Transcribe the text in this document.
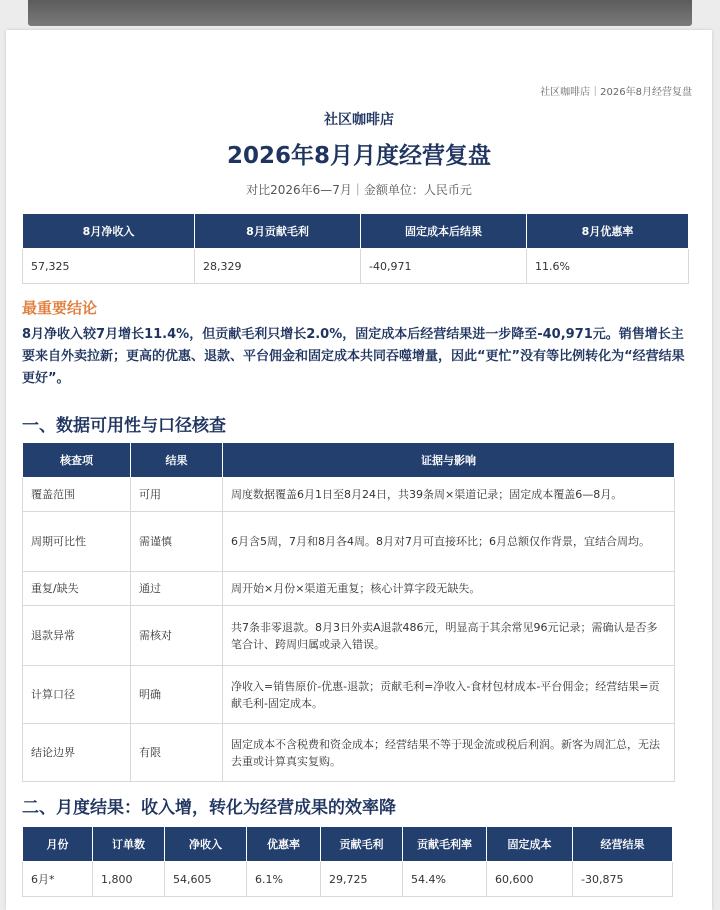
社区咖啡店｜2026年8月经营复盘
社区咖啡店
2026年8月月度经营复盘
对比2026年6—7月｜金额单位：人民币元
8月净收入	8月贡献毛利	固定成本后结果	8月优惠率
57,325	28,329	-40,971	11.6%
最重要结论
8月净收入较7月增长11.4%，但贡献毛利只增长2.0%，固定成本后经营结果进一步降至-40,971元。销售增长主要来自外卖拉新；更高的优惠、退款、平台佣金和固定成本共同吞噬增量，因此“更忙”没有等比例转化为“经营结果更好”。
一、数据可用性与口径核查
核查项	结果	证据与影响
覆盖范围	可用	周度数据覆盖6月1日至8月24日，共39条周×渠道记录；固定成本覆盖6—8月。
周期可比性	需谨慎	6月含5周，7月和8月各4周。8月对7月可直接环比；6月总额仅作背景，宜结合周均。
重复/缺失	通过	周开始×月份×渠道无重复；核心计算字段无缺失。
退款异常	需核对	共7条非零退款。8月3日外卖A退款486元，明显高于其余常见96元记录；需确认是否多笔合计、跨周归属或录入错误。
计算口径	明确	净收入=销售原价-优惠-退款；贡献毛利=净收入-食材包材成本-平台佣金；经营结果=贡献毛利-固定成本。
结论边界	有限	固定成本不含税费和资金成本；经营结果不等于现金流或税后利润。新客为周汇总，无法去重或计算真实复购。
二、月度结果：收入增，转化为经营成果的效率降
月份	订单数	净收入	优惠率	贡献毛利	贡献毛利率	固定成本	经营结果
6月*	1,800	54,605	6.1%	29,725	54.4%	60,600	-30,875
